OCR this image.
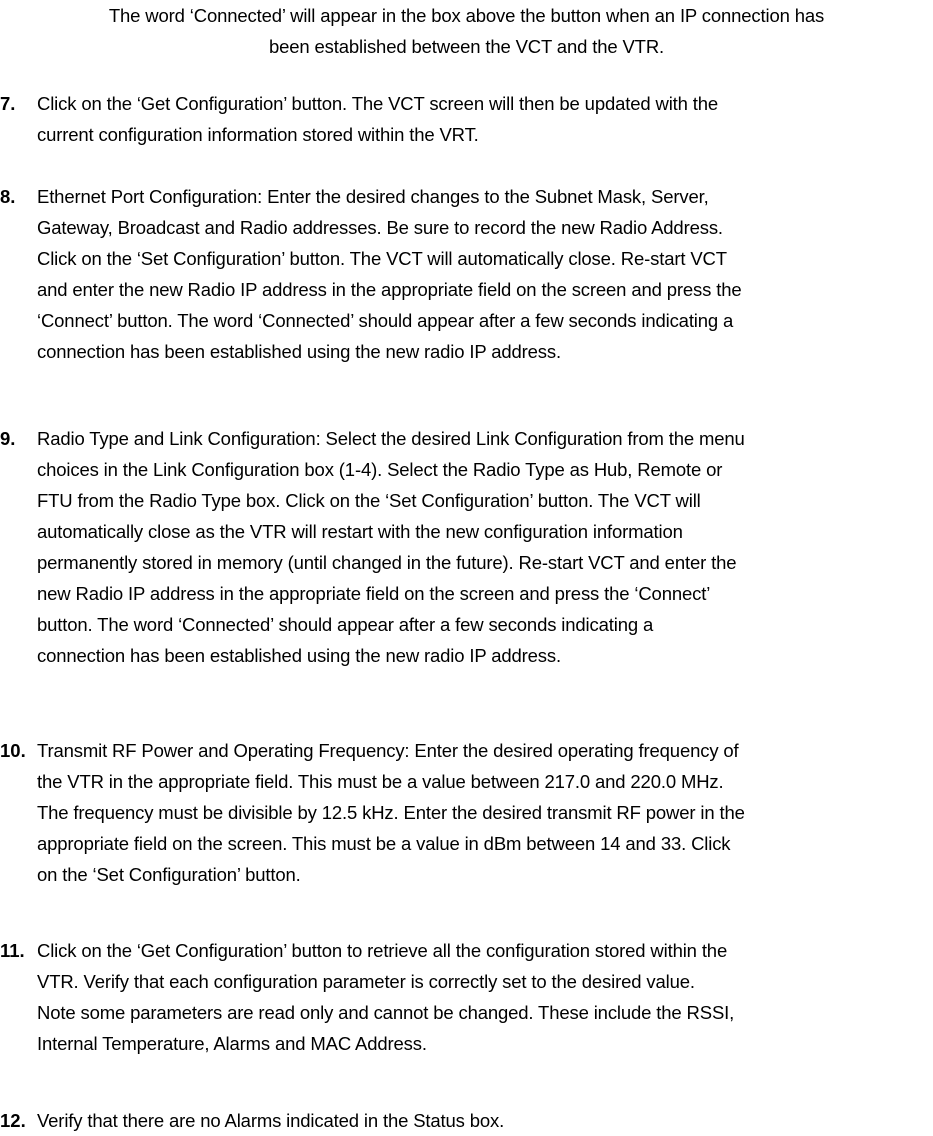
The word ‘Connected’ will appear in the box above the button when an IP connection has
been established between the VCT and the VTR.
7. Click on the ‘Get Configuration’ button. The VCT screen will then be updated with the
current configuration information stored within the VRT.
8. Ethernet Port Configuration: Enter the desired changes to the Subnet Mask, Server,
Gateway, Broadcast and Radio addresses. Be sure to record the new Radio Address.
Click on the ‘Set Configuration’ button. The VCT will automatically close. Re-start VCT
and enter the new Radio IP address in the appropriate field on the screen and press the
‘Connect’ button. The word ‘Connected’ should appear after a few seconds indicating a
connection has been established using the new radio IP address.
9. Radio Type and Link Configuration: Select the desired Link Configuration from the menu
choices in the Link Configuration box (1-4). Select the Radio Type as Hub, Remote or
FTU from the Radio Type box. Click on the ‘Set Configuration’ button. The VCT will
automatically close as the VTR will restart with the new configuration information
permanently stored in memory (until changed in the future). Re-start VCT and enter the
new Radio IP address in the appropriate field on the screen and press the ‘Connect’
button. The word ‘Connected’ should appear after a few seconds indicating a
connection has been established using the new radio IP address.
10. Transmit RF Power and Operating Frequency: Enter the desired operating frequency of
the VTR in the appropriate field. This must be a value between 217.0 and 220.0 MHz.
The frequency must be divisible by 12.5 kHz. Enter the desired transmit RF power in the
appropriate field on the screen. This must be a value in dBm between 14 and 33. Click
on the ‘Set Configuration’ button.
11. Click on the ‘Get Configuration’ button to retrieve all the configuration stored within the
VTR. Verify that each configuration parameter is correctly set to the desired value.
Note some parameters are read only and cannot be changed. These include the RSSI,
Internal Temperature, Alarms and MAC Address.
12. Verify that there are no Alarms indicated in the Status box.
